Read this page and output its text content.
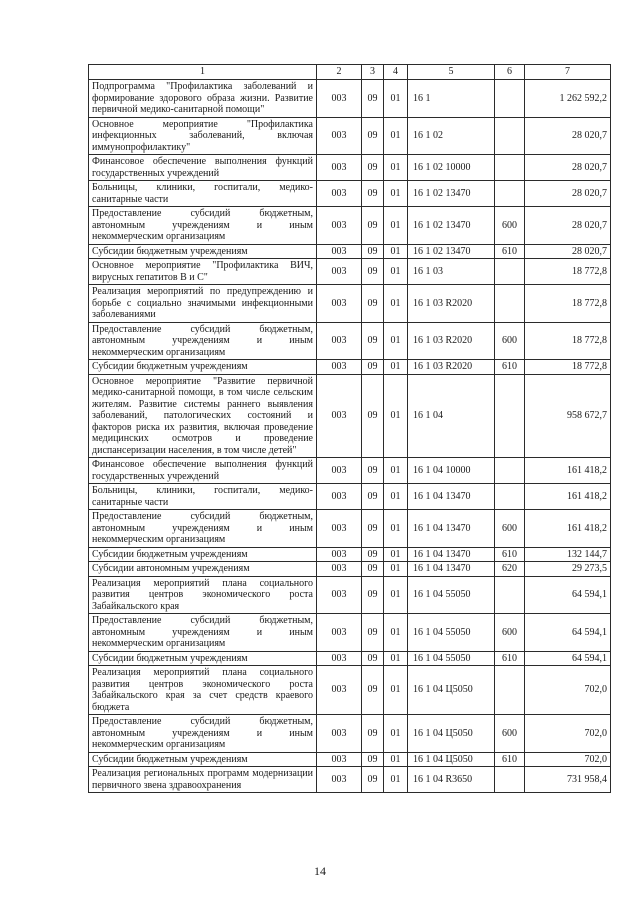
1	2	3	4	5	6	7
Подпрограмма "Профилактика заболеваний и формирование здорового образа жизни. Развитие первичной медико-санитарной помощи"	003	09	01	16 1		1 262 592,2
Основное мероприятие "Профилактика инфекционных заболеваний, включая иммунопрофилактику"	003	09	01	16 1 02		28 020,7
Финансовое обеспечение выполнения функций государственных учреждений	003	09	01	16 1 02 10000		28 020,7
Больницы, клиники, госпитали, медико-санитарные части	003	09	01	16 1 02 13470		28 020,7
Предоставление субсидий бюджетным, автономным учреждениям и иным некоммерческим организациям	003	09	01	16 1 02 13470	600	28 020,7
Субсидии бюджетным учреждениям	003	09	01	16 1 02 13470	610	28 020,7
Основное мероприятие "Профилактика ВИЧ, вирусных гепатитов В и С"	003	09	01	16 1 03		18 772,8
Реализация мероприятий по предупреждению и борьбе с социально значимыми инфекционными заболеваниями	003	09	01	16 1 03 R2020		18 772,8
Предоставление субсидий бюджетным, автономным учреждениям и иным некоммерческим организациям	003	09	01	16 1 03 R2020	600	18 772,8
Субсидии бюджетным учреждениям	003	09	01	16 1 03 R2020	610	18 772,8
Основное мероприятие "Развитие первичной медико-санитарной помощи, в том числе сельским жителям. Развитие системы раннего выявления заболеваний, патологических состояний и факторов риска их развития, включая проведение медицинских осмотров и проведение диспансеризации населения, в том числе детей"	003	09	01	16 1 04		958 672,7
Финансовое обеспечение выполнения функций государственных учреждений	003	09	01	16 1 04 10000		161 418,2
Больницы, клиники, госпитали, медико-санитарные части	003	09	01	16 1 04 13470		161 418,2
Предоставление субсидий бюджетным, автономным учреждениям и иным некоммерческим организациям	003	09	01	16 1 04 13470	600	161 418,2
Субсидии бюджетным учреждениям	003	09	01	16 1 04 13470	610	132 144,7
Субсидии автономным учреждениям	003	09	01	16 1 04 13470	620	29 273,5
Реализация мероприятий плана социального развития центров экономического роста Забайкальского края	003	09	01	16 1 04 55050		64 594,1
Предоставление субсидий бюджетным, автономным учреждениям и иным некоммерческим организациям	003	09	01	16 1 04 55050	600	64 594,1
Субсидии бюджетным учреждениям	003	09	01	16 1 04 55050	610	64 594,1
Реализация мероприятий плана социального развития центров экономического роста Забайкальского края за счет средств краевого бюджета	003	09	01	16 1 04 Ц5050		702,0
Предоставление субсидий бюджетным, автономным учреждениям и иным некоммерческим организациям	003	09	01	16 1 04 Ц5050	600	702,0
Субсидии бюджетным учреждениям	003	09	01	16 1 04 Ц5050	610	702,0
Реализация региональных программ модернизации первичного звена здравоохранения	003	09	01	16 1 04 R3650		731 958,4
14
